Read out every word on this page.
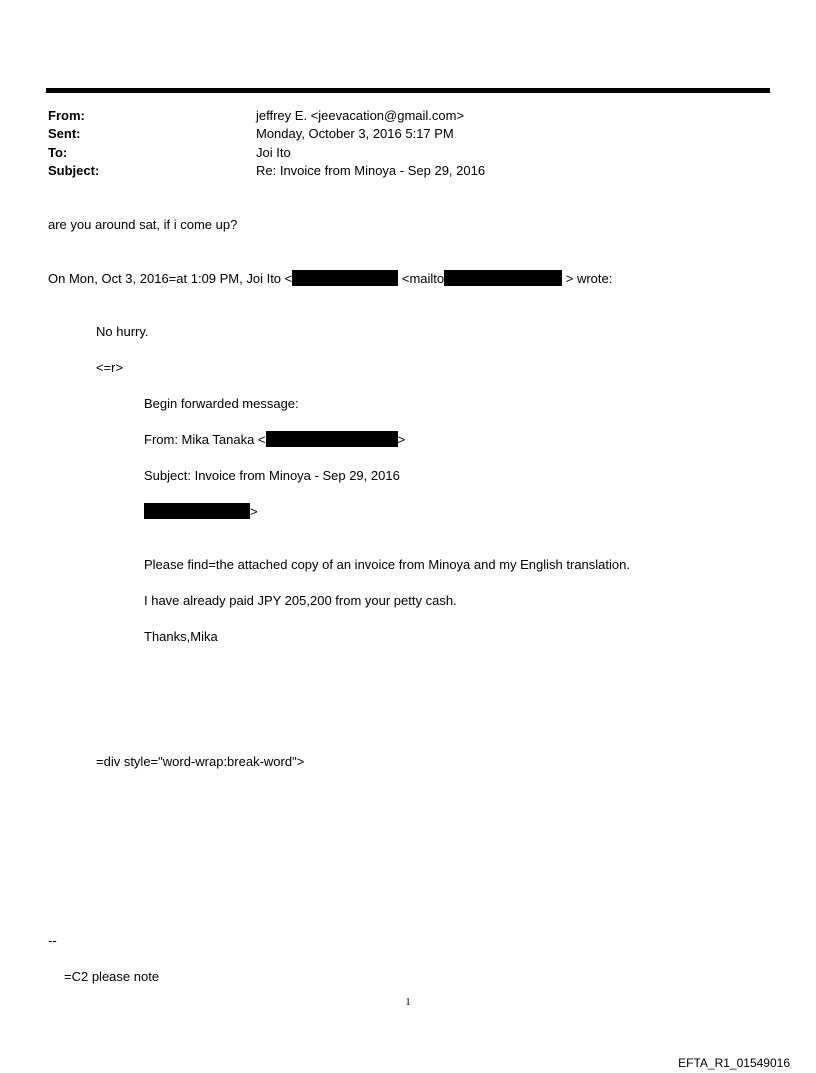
From:	jeffrey E. <jeevacation@gmail.com>
Sent:	Monday, October 3, 2016 5:17 PM
To:	Joi Ito
Subject:	Re: Invoice from Minoya - Sep 29, 2016
are you around sat, if i come up?
On Mon, Oct 3, 2016=at 1:09 PM, Joi Ito <	<mailto	> wrote:
No hurry.
<=r>
Begin forwarded message:
From: Mika Tanaka <	>
Subject: Invoice from Minoya - Sep 29, 2016
>
Please find=the attached copy of an invoice from Minoya and my English translation.
I have already paid JPY 205,200 from your petty cash.
Thanks,Mika
=div style="word-wrap:break-word">
--
=C2 please note
1
EFTA_R1_01549016
